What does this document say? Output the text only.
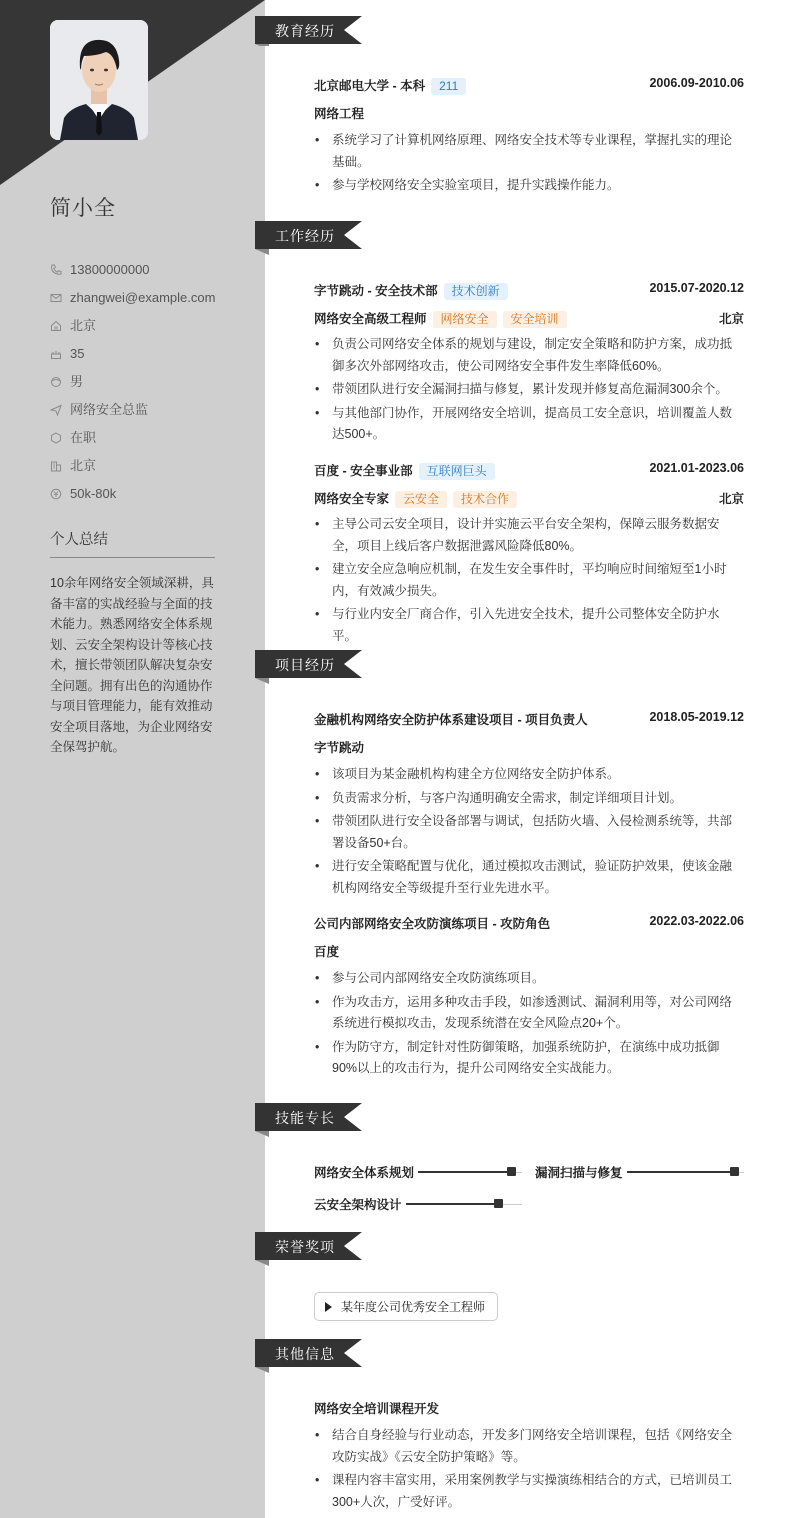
简小全
13800000000
zhangwei@example.com
北京
35
男
网络安全总监
在职
北京
50k-80k
个人总结
10余年网络安全领域深耕，具备丰富的实战经验与全面的技术能力。熟悉网络安全体系规划、云安全架构设计等核心技术，擅长带领团队解决复杂安全问题。拥有出色的沟通协作与项目管理能力，能有效推动安全项目落地，为企业网络安全保驾护航。
教育经历
工作经历
项目经历
技能专长
荣誉奖项
其他信息
北京邮电大学 - 本科 211	2006.09-2010.06
网络工程
• 系统学习了计算机网络原理、网络安全技术等专业课程，掌握扎实的理论基础。
• 参与学校网络安全实验室项目，提升实践操作能力。
字节跳动 - 安全技术部 技术创新	2015.07-2020.12
网络安全高级工程师 网络安全 安全培训	北京
• 负责公司网络安全体系的规划与建设，制定安全策略和防护方案，成功抵御多次外部网络攻击，使公司网络安全事件发生率降低60%。
• 带领团队进行安全漏洞扫描与修复，累计发现并修复高危漏洞300余个。
• 与其他部门协作，开展网络安全培训，提高员工安全意识，培训覆盖人数达500+。
百度 - 安全事业部 互联网巨头	2021.01-2023.06
网络安全专家 云安全 技术合作	北京
• 主导公司云安全项目，设计并实施云平台安全架构，保障云服务数据安全，项目上线后客户数据泄露风险降低80%。
• 建立安全应急响应机制，在发生安全事件时，平均响应时间缩短至1小时内，有效减少损失。
• 与行业内安全厂商合作，引入先进安全技术，提升公司整体安全防护水平。
金融机构网络安全防护体系建设项目 - 项目负责人	2018.05-2019.12
字节跳动
• 该项目为某金融机构构建全方位网络安全防护体系。
• 负责需求分析，与客户沟通明确安全需求，制定详细项目计划。
• 带领团队进行安全设备部署与调试，包括防火墙、入侵检测系统等，共部署设备50+台。
• 进行安全策略配置与优化，通过模拟攻击测试，验证防护效果，使该金融机构网络安全等级提升至行业先进水平。
公司内部网络安全攻防演练项目 - 攻防角色	2022.03-2022.06
百度
• 参与公司内部网络安全攻防演练项目。
• 作为攻击方，运用多种攻击手段，如渗透测试、漏洞利用等，对公司网络系统进行模拟攻击，发现系统潜在安全风险点20+个。
• 作为防守方，制定针对性防御策略，加强系统防护，在演练中成功抵御90%以上的攻击行为，提升公司网络安全实战能力。
网络安全体系规划	漏洞扫描与修复
云安全架构设计
某年度公司优秀安全工程师
网络安全培训课程开发
• 结合自身经验与行业动态，开发多门网络安全培训课程，包括《网络安全攻防实战》《云安全防护策略》等。
• 课程内容丰富实用，采用案例教学与实操演练相结合的方式，已培训员工300+人次，广受好评。
